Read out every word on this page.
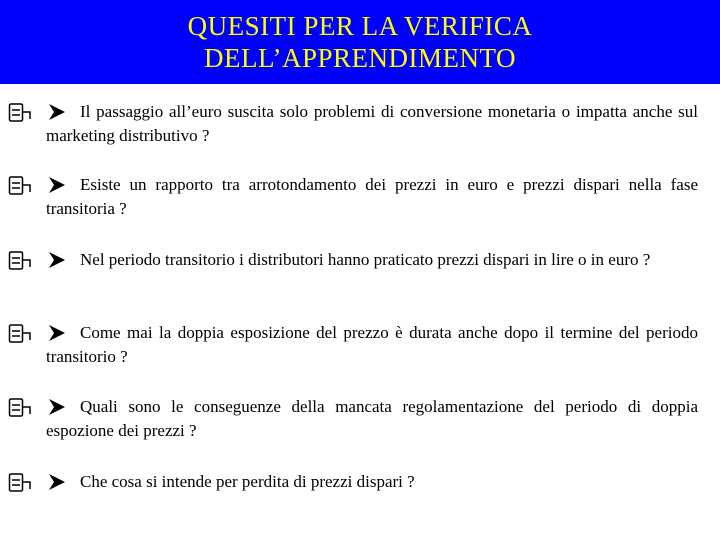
QUESITI PER LA VERIFICA
DELL’APPRENDIMENTO

Il passaggio all’euro suscita solo problemi di conversione monetaria o impatta anche sul marketing distributivo ?

Esiste un rapporto tra arrotondamento dei prezzi in euro e prezzi dispari nella fase transitoria ?

Nel periodo transitorio i distributori hanno praticato prezzi dispari in lire o in euro ?

Come mai la doppia esposizione del prezzo è durata anche dopo il termine del periodo transitorio ?

Quali sono le conseguenze della mancata regolamentazione del periodo di doppia espozione dei prezzi ?

Che cosa si intende per perdita di prezzi dispari ?
